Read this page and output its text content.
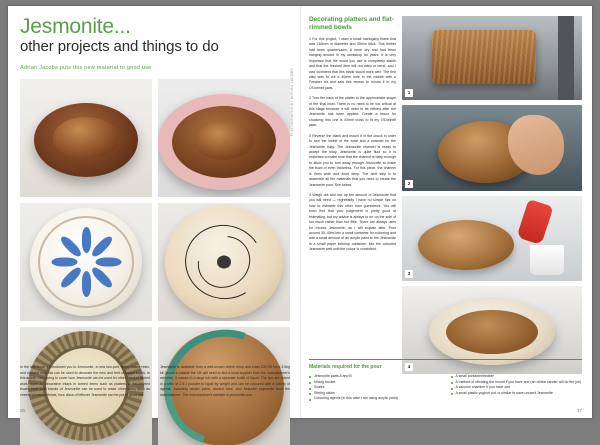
Jesmonite...
other projects and things to do
Adrian Jacobs puts this new material to good use
PHOTOGRAPHS BY ADRIAN JACOBS

In the last issue, I introduced you to Jesmonite, a new two-part, water-based resin, and showed how this can be used to decorate the rims and feet of turned bowls. In this article, I am going to cover how Jesmonite can be used for other items of turned work, such as decorative inlays in turned items such as platters or flat-rimmed bowls, how solid blanks of Jesmonite can be used to make other items such as cheese pieces or finials, how discs of leftover Jesmonite can be put to good use.

Jesmonite is available from a well-known online shop and costs £32.95 for a 3.5kg kit (readers outside the UK will need to find a local supplier from the manufacturer's website). It comes in a large tub with a separate bottle of liquid. The two are mixed in a ratio of 2.5:1 powder to liquid by weight and can be coloured with a variety of agents, including acrylic paint, alcohol inks, and bespoke pigments from the manufacturer. The manufacturer's website is jesmonite.com.

36
Decorating platters and flat-rimmed bowls

1 For this project, I used a small mahogany blank that was 160mm in diameter and 35mm thick. This timber had been quartersawn. A bone dry and had been hanging around in my workshop for years. It is very important that the wood you use is completely stable and that the finished item will not warp or bend, and I was confident that this blank would work well. The first step was to cut a 40mm hole in the middle with a Forstner bit and saw this recess to mount it in my O'Donnell jaws.

2 Turn the back of the platter to the approximate shape of the final bowl. There is no need to be too critical at this stage because it will need to be refined after the Jesmonite has been applied. Create a tenon for chucking; this one is 40mm cross to fit my O'Donnell jaws.

3 Reverse the blank and mount it in the chuck in order to turn the inside of the bowl and a channel for the Jesmonite inlay. The Jesmonite channel is ready to accept the inlay. Jesmonite is quite fluid so it is important to make sure that the channel is deep enough to allow you to turn away enough Jesmonite to make the bowl of even thickness. For this piece, the channel is 9mm wide and 4mm deep. The next step is to assemble all the materials that you need to create the Jesmonite pour. See below.

4 Weigh out and mix up the amount of Jesmonite that you will need — regrettably I have no simple tips on how to estimate this other than guesswork. You will soon find that your judgement is pretty good at estimating, but my advice is always to err on the side of too much rather than too little. There are always uses for excess Jesmonite, as I will explain later. Pour around 30–40ml into a small container for colouring and add a small amount of an acrylic paint to the Jesmonite in a small paper ketchup container. Mix the coloured Jesmonite well until the colour is consistent.

1
2
3
4
Materials required for the pour
Jesmonite parts A and B
Mixing bucket
Scales
Stirring sticks
Colouring agents (in this case I am using acrylic paint)
A small container/beaker
A method of vibrating the mould if you have one (an orbital sander will do the job)
A vacuum chamber if you have one
A small plastic yoghurt pot or similar to save unused Jesmonite
37
